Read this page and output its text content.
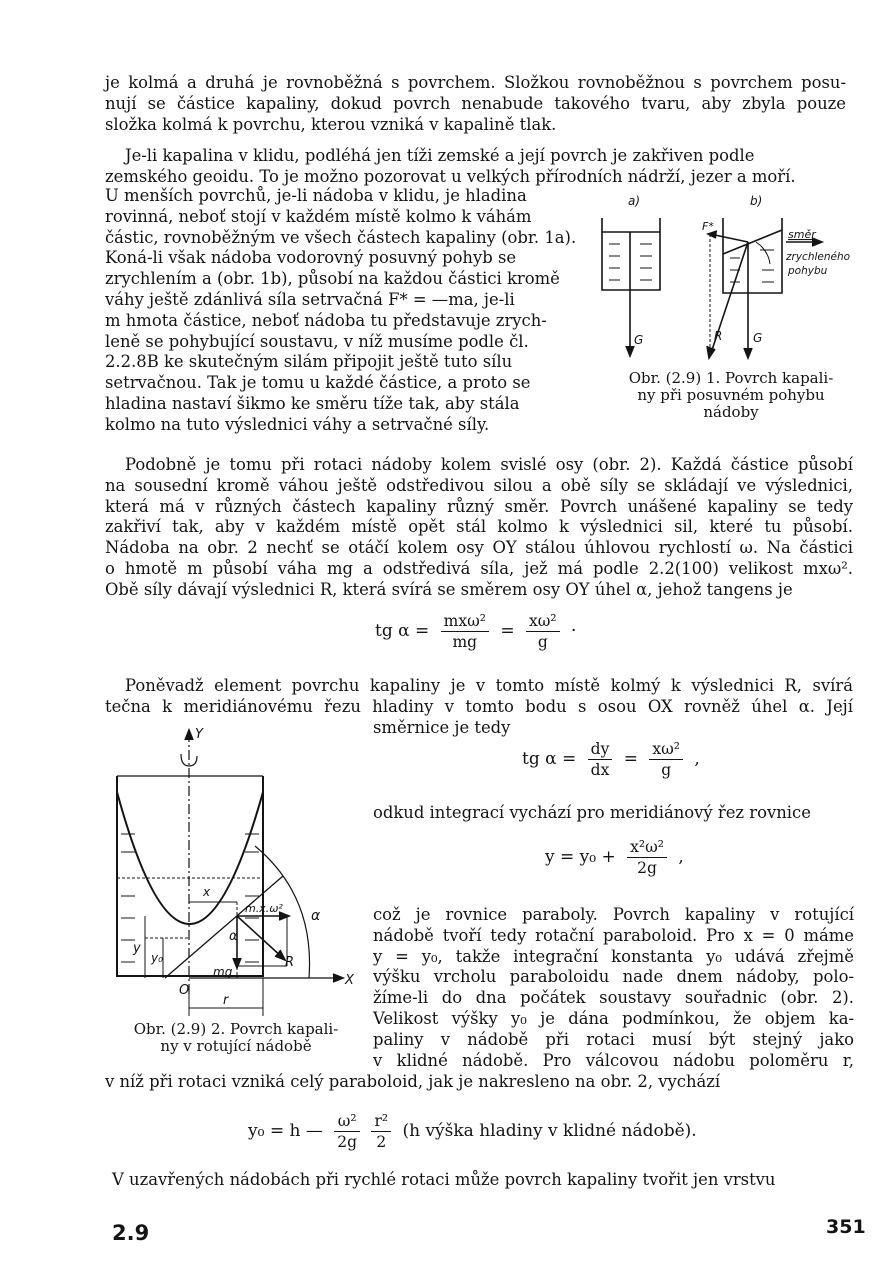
je kolmá a druhá je rovnoběžná s povrchem. Složkou rovnoběžnou s povrchem posu-
nují se částice kapaliny, dokud povrch nenabude takového tvaru, aby zbyla pouze
složka kolmá k povrchu, kterou vzniká v kapalině tlak.
Je-li kapalina v klidu, podléhá jen tíži zemské a její povrch je zakřiven podle
zemského geoidu. To je možno pozorovat u velkých přírodních nádrží, jezer a moří.
U menších povrchů, je-li nádoba v klidu, je hladina
rovinná, neboť stojí v každém místě kolmo k váhám
částic, rovnoběžným ve všech částech kapaliny (obr. 1a).
Koná-li však nádoba vodorovný posuvný pohyb se
zrychlením a (obr. 1b), působí na každou částici kromě
váhy ještě zdánlivá síla setrvačná F* = —ma, je-li
m hmota částice, neboť nádoba tu představuje zrych-
leně se pohybující soustavu, v níž musíme podle čl.
2.2.8B ke skutečným silám připojit ještě tuto sílu
setrvačnou. Tak je tomu u každé částice, a proto se
hladina nastaví šikmo ke směru tíže tak, aby stála
kolmo na tuto výslednici váhy a setrvačné síly.
a)	b)
G
F*
R	G
směr
zrychleného
pohybu
Obr. (2.9) 1. Povrch kapali-
ny při posuvném pohybu
nádoby
Podobně je tomu při rotaci nádoby kolem svislé osy (obr. 2). Každá částice působí
na sousední kromě váhou ještě odstředivou silou a obě síly se skládají ve výslednici,
která má v různých částech kapaliny různý směr. Povrch unášené kapaliny se tedy
zakřiví tak, aby v každém místě opět stál kolmo k výslednici sil, které tu působí.
Nádoba na obr. 2 nechť se otáčí kolem osy OY stálou úhlovou rychlostí ω. Na částici
o hmotě m působí váha mg a odstředivá síla, jež má podle 2.2(100) velikost mxω².
Obě síly dávají výslednici R, která svírá se směrem osy OY úhel α, jehož tangens je
tg $\alpha = \frac{\text{mxω²}}{mg} = \frac{\text{xω²}}{g}$ ·
Poněvadž element povrchu kapaliny je v tomto místě kolmý k výslednici R, svírá
tečna k meridiánovému řezu hladiny v tomto bodu s osou OX rovněž úhel α. Její
směrnice je tedy
tg $\alpha = \frac{dy}{dx} = \frac{\text{xω²}}{g}$ ,
odkud integrací vychází pro meridiánový řez rovnice
$y = y_0 + \frac{\text{x²ω²}}{2g}$ ,
což je rovnice paraboly. Povrch kapaliny v rotující
nádobě tvoří tedy rotační paraboloid. Pro x = 0 máme
y = y₀, takže integrační konstanta y₀ udává zřejmě
výšku vrcholu paraboloidu nade dnem nádoby, polo-
žíme-li do dna počátek soustavy souřadnic (obr. 2).
Velikost výšky y₀ je dána podmínkou, že objem ka-
paliny v nádobě při rotaci musí být stejný jako
v klidné nádobě. Pro válcovou nádobu poloměru r,
Y
X
O
x
y
y₀
r
R
mg
m.x.ω² α
α
Obr. (2.9) 2. Povrch kapali-
ny v rotující nádobě
v níž při rotaci vzniká celý paraboloid, jak je nakresleno na obr. 2, vychází
y₀ = h — $\frac{\text{ω²}}{2g}$
$\frac{\text{r²}}{2} (h$ výška hladiny v klidné nádobě).
V uzavřených nádobách při rychlé rotaci může povrch kapaliny tvořit jen vrstvu
2.9	351
